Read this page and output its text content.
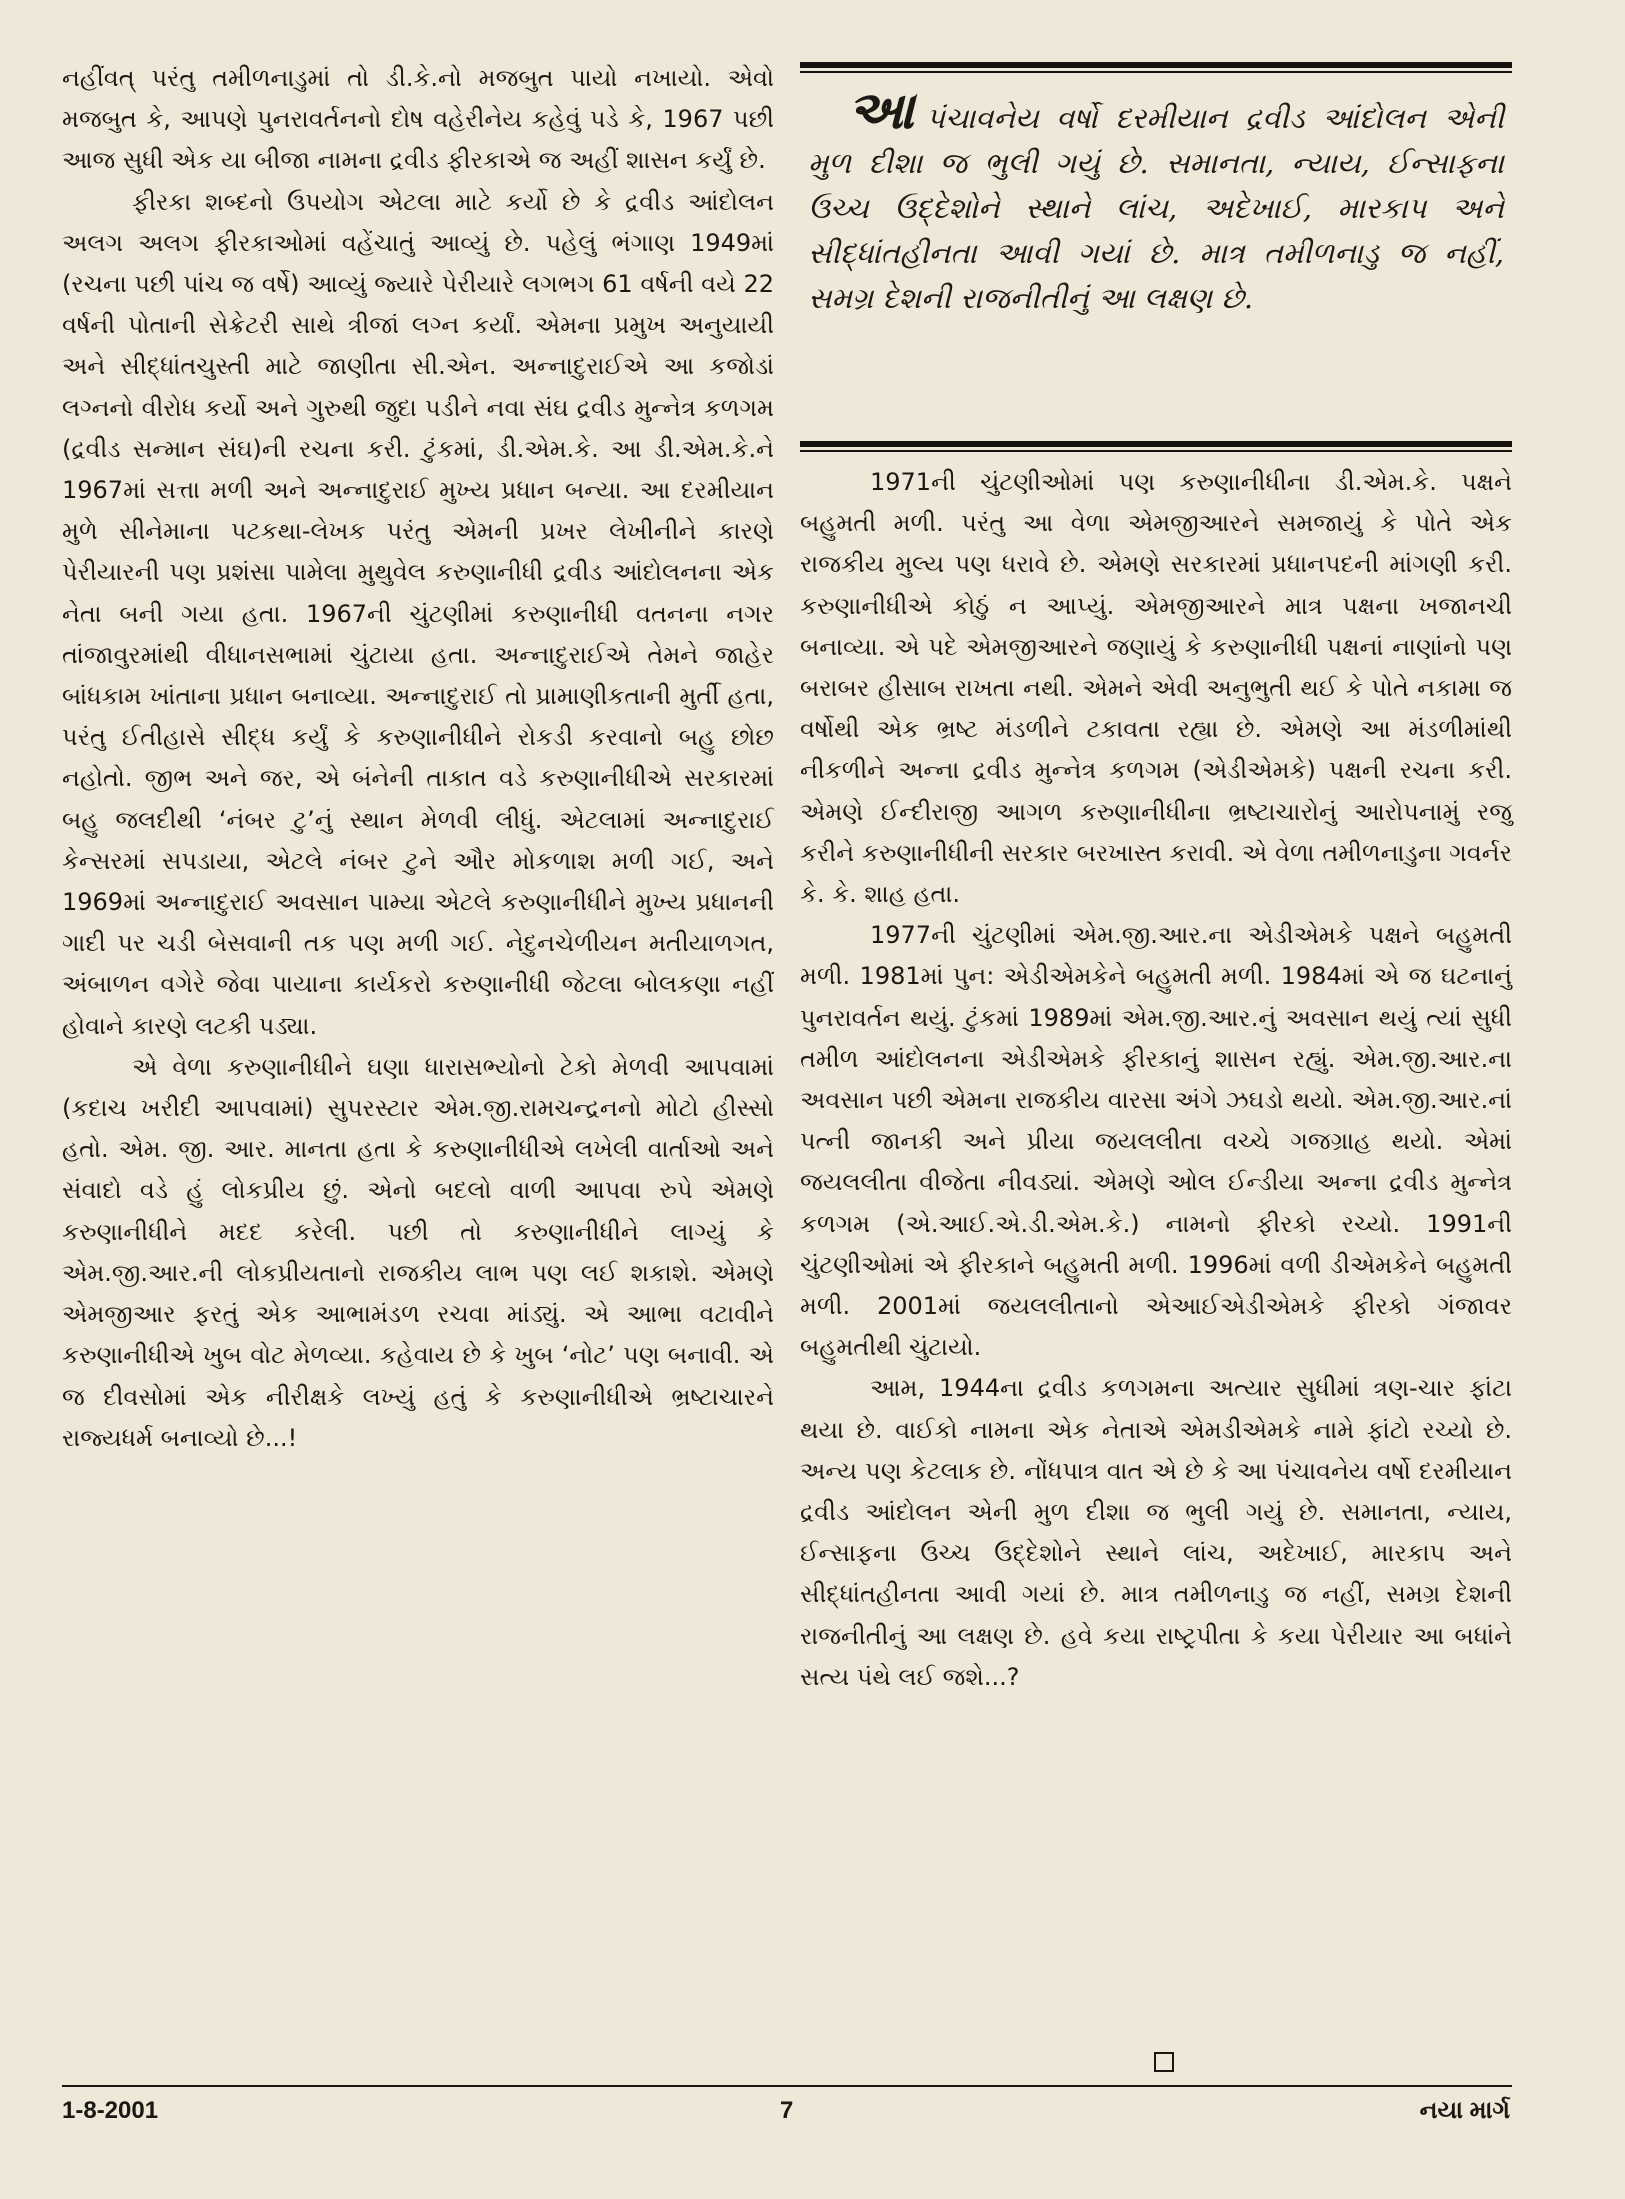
નહીંવત્ પરંતુ તમીળનાડુમાં તો ડી.કે.નો મજબુત પાયો નખાયો. એવો મજબુત કે, આપણે પુનરાવર્તનનો દોષ વહેરીનેય કહેવું પડે કે, 1967 પછી આજ સુધી એક યા બીજા નામના દ્રવીડ ફીરકાએ જ અહીં શાસન કર્યું છે.

ફીરકા શબ્દનો ઉપયોગ એટલા માટે કર્યો છે કે દ્રવીડ આંદોલન અલગ અલગ ફીરકાઓમાં વહેંચાતું આવ્યું છે. પહેલું ભંગાણ 1949માં (રચના પછી પાંચ જ વર્ષે) આવ્યું જ્યારે પેરીયારે લગભગ 61 વર્ષની વયે 22 વર્ષની પોતાની સેક્રેટરી સાથે ત્રીજાં લગ્ન કર્યાં. એમના પ્રમુખ અનુયાયી અને સીદ્ધાંતચુસ્તી માટે જાણીતા સી.એન. અન્નાદુરાઈએ આ કજોડાં લગ્નનો વીરોધ કર્યો અને ગુરુથી જુદા પડીને નવા સંઘ દ્રવીડ મુન્નેત્ર કળગમ (દ્રવીડ સન્માન સંઘ)ની રચના કરી. ટુંકમાં, ડી.એમ.કે. આ ડી.એમ.કે.ને 1967માં સત્તા મળી અને અન્નાદુરાઈ મુખ્ય પ્રધાન બન્યા. આ દરમીયાન મુળે સીનેમાના પટકથા-લેખક પરંતુ એમની પ્રખર લેખીનીને કારણે પેરીયારની પણ પ્રશંસા પામેલા મુથુવેલ કરુણાનીધી દ્રવીડ આંદોલનના એક નેતા બની ગયા હતા. 1967ની ચુંટણીમાં કરુણાનીધી વતનના નગર તાંજાવુરમાંથી વીધાનસભામાં ચુંટાયા હતા. અન્નાદુરાઈએ તેમને જાહેર બાંધકામ ખાંતાના પ્રધાન બનાવ્યા. અન્નાદુરાઈ તો પ્રામાણીકતાની મુર્તી હતા, પરંતુ ઈતીહાસે સીદ્ધ કર્યું કે કરુણાનીધીને રોકડી કરવાનો બહુ છોછ નહોતો. જીભ અને જર, એ બંનેની તાકાત વડે કરુણાનીધીએ સરકારમાં બહુ જલદીથી ‘નંબર ટુ’નું સ્થાન મેળવી લીધું. એટલામાં અન્નાદુરાઈ કેન્સરમાં સપડાયા, એટલે નંબર ટુને ઔર મોકળાશ મળી ગઈ, અને 1969માં અન્નાદુરાઈ અવસાન પામ્યા એટલે કરુણાનીધીને મુખ્ય પ્રધાનની ગાદી પર ચડી બેસવાની તક પણ મળી ગઈ. નેદુનચેળીયન મતીયાળગત, અંબાળન વગેરે જેવા પાયાના કાર્યકરો કરુણાનીધી જેટલા બોલકણા નહીં હોવાને કારણે લટકી પડ્યા.

એ વેળા કરુણાનીધીને ઘણા ધારાસભ્યોનો ટેકો મેળવી આપવામાં (કદાચ ખરીદી આપવામાં) સુપરસ્ટાર એમ.જી.રામચન્દ્રનનો મોટો હીસ્સો હતો. એમ. જી. આર. માનતા હતા કે કરુણાનીધીએ લખેલી વાર્તાઓ અને સંવાદો વડે હું લોકપ્રીય છું. એનો બદલો વાળી આપવા રુપે એમણે કરુણાનીધીને મદદ કરેલી. પછી તો કરુણાનીધીને લાગ્યું કે એમ.જી.આર.ની લોકપ્રીયતાનો રાજકીય લાભ પણ લઈ શકાશે. એમણે એમજીઆર ફરતું એક આભામંડળ રચવા માંડ્યું. એ આભા વટાવીને કરુણાનીધીએ ખુબ વોટ મેળવ્યા. કહેવાય છે કે ખુબ ‘નોટ’ પણ બનાવી. એ જ દીવસોમાં એક નીરીક્ષકે લખ્યું હતું કે કરુણાનીધીએ ભ્રષ્ટાચારને રાજ્યધર્મ બનાવ્યો છે...!

આપંચાવનેય વર્ષો દરમીયાન દ્રવીડ આંદોલન એની મુળ દીશા જ ભુલી ગયું છે. સમાનતા, ન્યાય, ઈન્સાફના ઉચ્ચ ઉદ્દેશોને સ્થાને લાંચ, અદેખાઈ, મારકાપ અને સીદ્ધાંતહીનતા આવી ગયાં છે. માત્ર તમીળનાડુ જ નહીં, સમગ્ર દેશની રાજનીતીનું આ લક્ષણ છે.

1971ની ચુંટણીઓમાં પણ કરુણાનીધીના ડી.એમ.કે. પક્ષને બહુમતી મળી. પરંતુ આ વેળા એમજીઆરને સમજાયું કે પોતે એક રાજકીય મુલ્ય પણ ધરાવે છે. એમણે સરકારમાં પ્રધાનપદની માંગણી કરી. કરુણાનીધીએ કોઠું ન આપ્યું. એમજીઆરને માત્ર પક્ષના ખજાનચી બનાવ્યા. એ પદે એમજીઆરને જણાયું કે કરુણાનીધી પક્ષનાં નાણાંનો પણ બરાબર હીસાબ રાખતા નથી. એમને એવી અનુભુતી થઈ કે પોતે નકામા જ વર્ષોથી એક ભ્રષ્ટ મંડળીને ટકાવતા રહ્યા છે. એમણે આ મંડળીમાંથી નીકળીને અન્ના દ્રવીડ મુન્નેત્ર કળગમ (એડીએમકે) પક્ષની રચના કરી. એમણે ઈન્દીરાજી આગળ કરુણાનીધીના ભ્રષ્ટાચારોનું આરોપનામું રજુ કરીને કરુણાનીધીની સરકાર બરખાસ્ત કરાવી. એ વેળા તમીળનાડુના ગવર્નર કે. કે. શાહ હતા.

1977ની ચુંટણીમાં એમ.જી.આર.ના એડીએમકે પક્ષને બહુમતી મળી. 1981માં પુન: એડીએમકેને બહુમતી મળી. 1984માં એ જ ઘટનાનું પુનરાવર્તન થયું. ટુંકમાં 1989માં એમ.જી.આર.નું અવસાન થયું ત્યાં સુધી તમીળ આંદોલનના એડીએમકે ફીરકાનું શાસન રહ્યું. એમ.જી.આર.ના અવસાન પછી એમના રાજકીય વારસા અંગે ઝઘડો થયો. એમ.જી.આર.નાં પત્ની જાનકી અને પ્રીયા જયલલીતા વચ્ચે ગજગ્રાહ થયો. એમાં જયલલીતા વીજેતા નીવડ્યાં. એમણે ઓલ ઈન્ડીયા અન્ના દ્રવીડ મુન્નેત્ર કળગમ (એ.આઈ.એ.ડી.એમ.કે.) નામનો ફીરકો રચ્યો. 1991ની ચુંટણીઓમાં એ ફીરકાને બહુમતી મળી. 1996માં વળી ડીએમકેને બહુમતી મળી. 2001માં જયલલીતાનો એઆઈએડીએમકે ફીરકો ગંજાવર બહુમતીથી ચુંટાયો.

આમ, 1944ના દ્રવીડ કળગમના અત્યાર સુધીમાં ત્રણ-ચાર ફાંટા થયા છે. વાઈકો નામના એક નેતાએ એમડીએમકે નામે ફાંટો રચ્યો છે. અન્ય પણ કેટલાક છે. નોંધપાત્ર વાત એ છે કે આ પંચાવનેય વર્ષો દરમીયાન દ્રવીડ આંદોલન એની મુળ દીશા જ ભુલી ગયું છે. સમાનતા, ન્યાય, ઈન્સાફના ઉચ્ચ ઉદ્દેશોને સ્થાને લાંચ, અદેખાઈ, મારકાપ અને સીદ્ધાંતહીનતા આવી ગયાં છે. માત્ર તમીળનાડુ જ નહીં, સમગ્ર દેશની રાજનીતીનું આ લક્ષણ છે. હવે કયા રાષ્ટ્રપીતા કે કયા પેરીયાર આ બધાંને સત્ય પંથે લઈ જશે...?

1-8-2001	7	નયા માર્ગ
